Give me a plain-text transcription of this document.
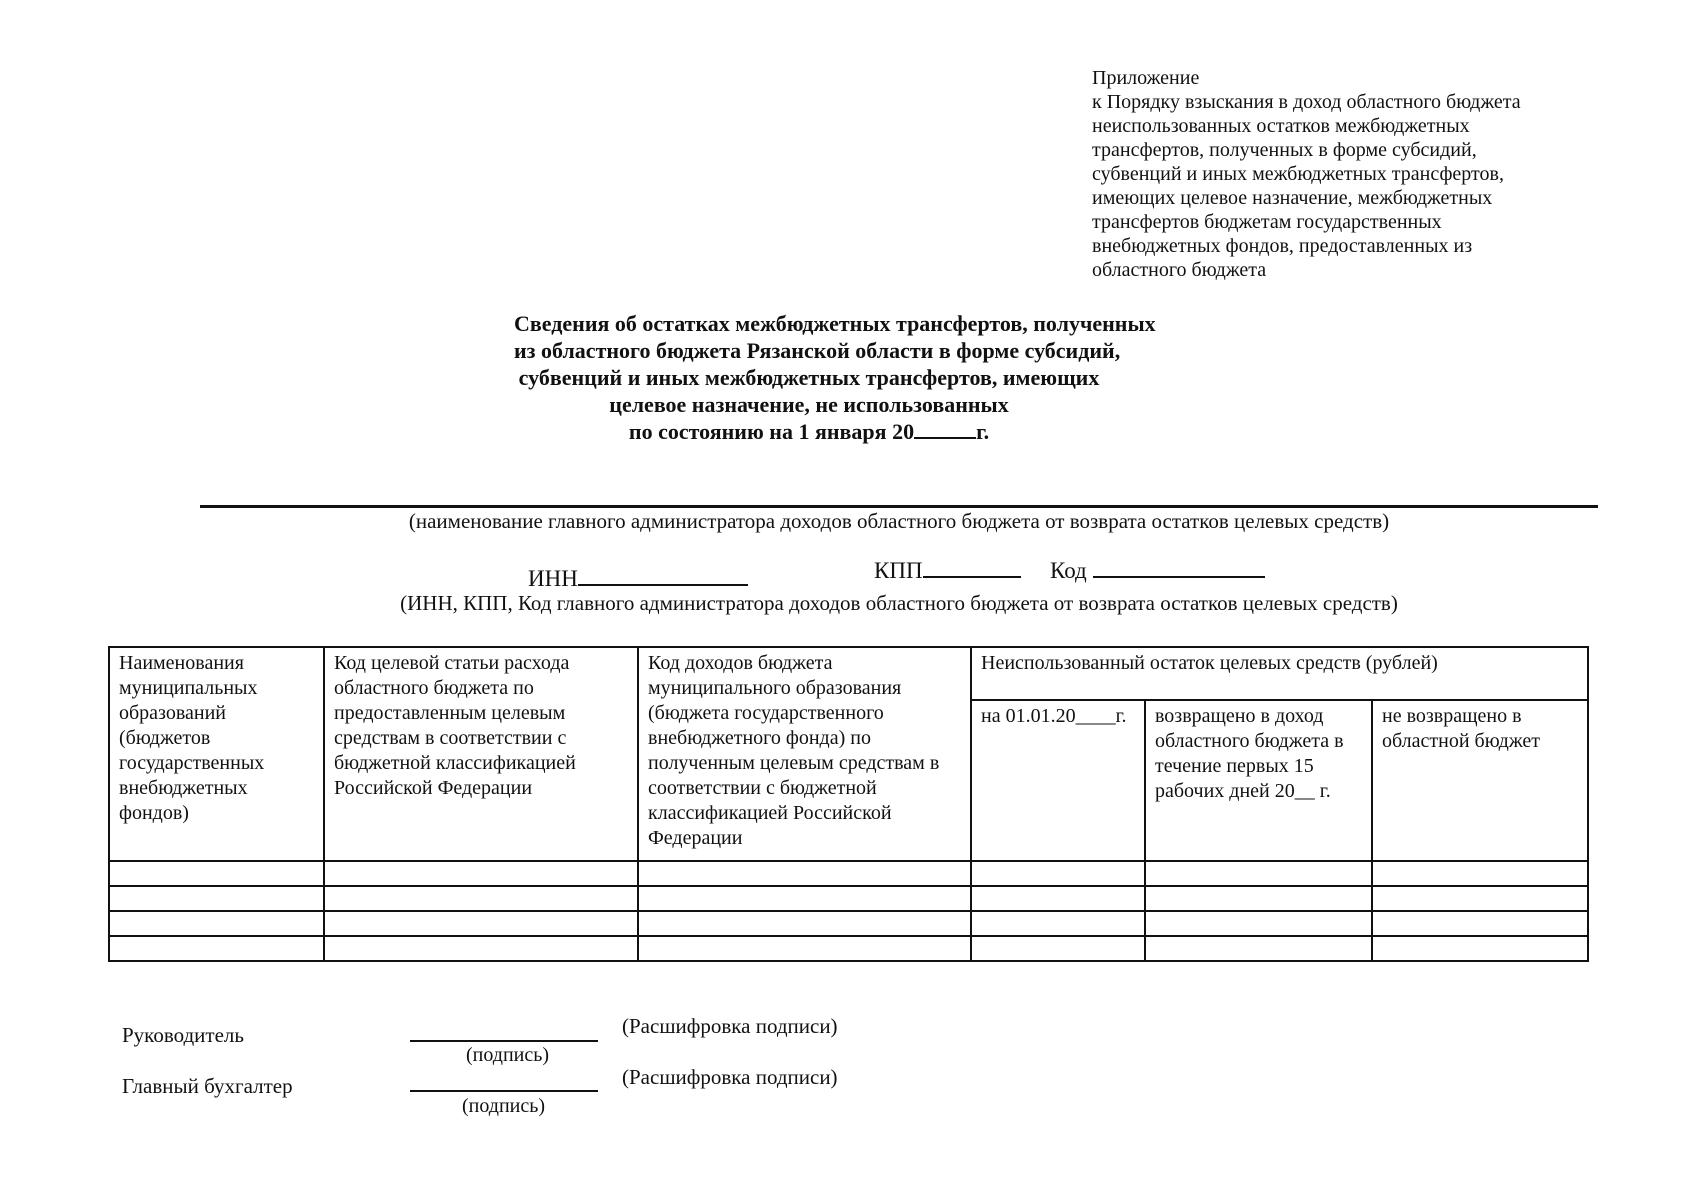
Приложение
к Порядку взыскания в доход областного бюджета
неиспользованных остатков межбюджетных
трансфертов, полученных в форме субсидий,
субвенций и иных межбюджетных трансфертов,
имеющих целевое назначение, межбюджетных
трансфертов бюджетам государственных
внебюджетных фондов, предоставленных из
областного бюджета
Сведения об остатках межбюджетных трансфертов, полученных
из областного бюджета Рязанской области в форме субсидий,
субвенций и иных межбюджетных трансфертов, имеющих
целевое назначение, не использованных
по состоянию на 1 января 20	г.
(наименование главного администратора доходов областного бюджета от возврата остатков целевых средств)
ИНН	КПП	Код
(ИНН, КПП, Код главного администратора доходов областного бюджета от возврата остатков целевых средств)
Наименования муниципальных образований (бюджетов государственных внебюджетных фондов)	Код целевой статьи расхода областного бюджета по предоставленным целевым средствам в соответствии с бюджетной классификацией Российской Федерации	Код доходов бюджета муниципального образования (бюджета государственного внебюджетного фонда) по полученным целевым средствам в соответствии с бюджетной классификацией Российской Федерации	Неиспользованный остаток целевых средств (рублей)		
			на 01.01.20____г.	возвращено в доход областного бюджета в течение первых 15 рабочих дней 20__ г.	не возвращено в областной бюджет

Руководитель	(Расшифровка подписи)
(подпись)
Главный бухгалтер	(Расшифровка подписи)
(подпись)
